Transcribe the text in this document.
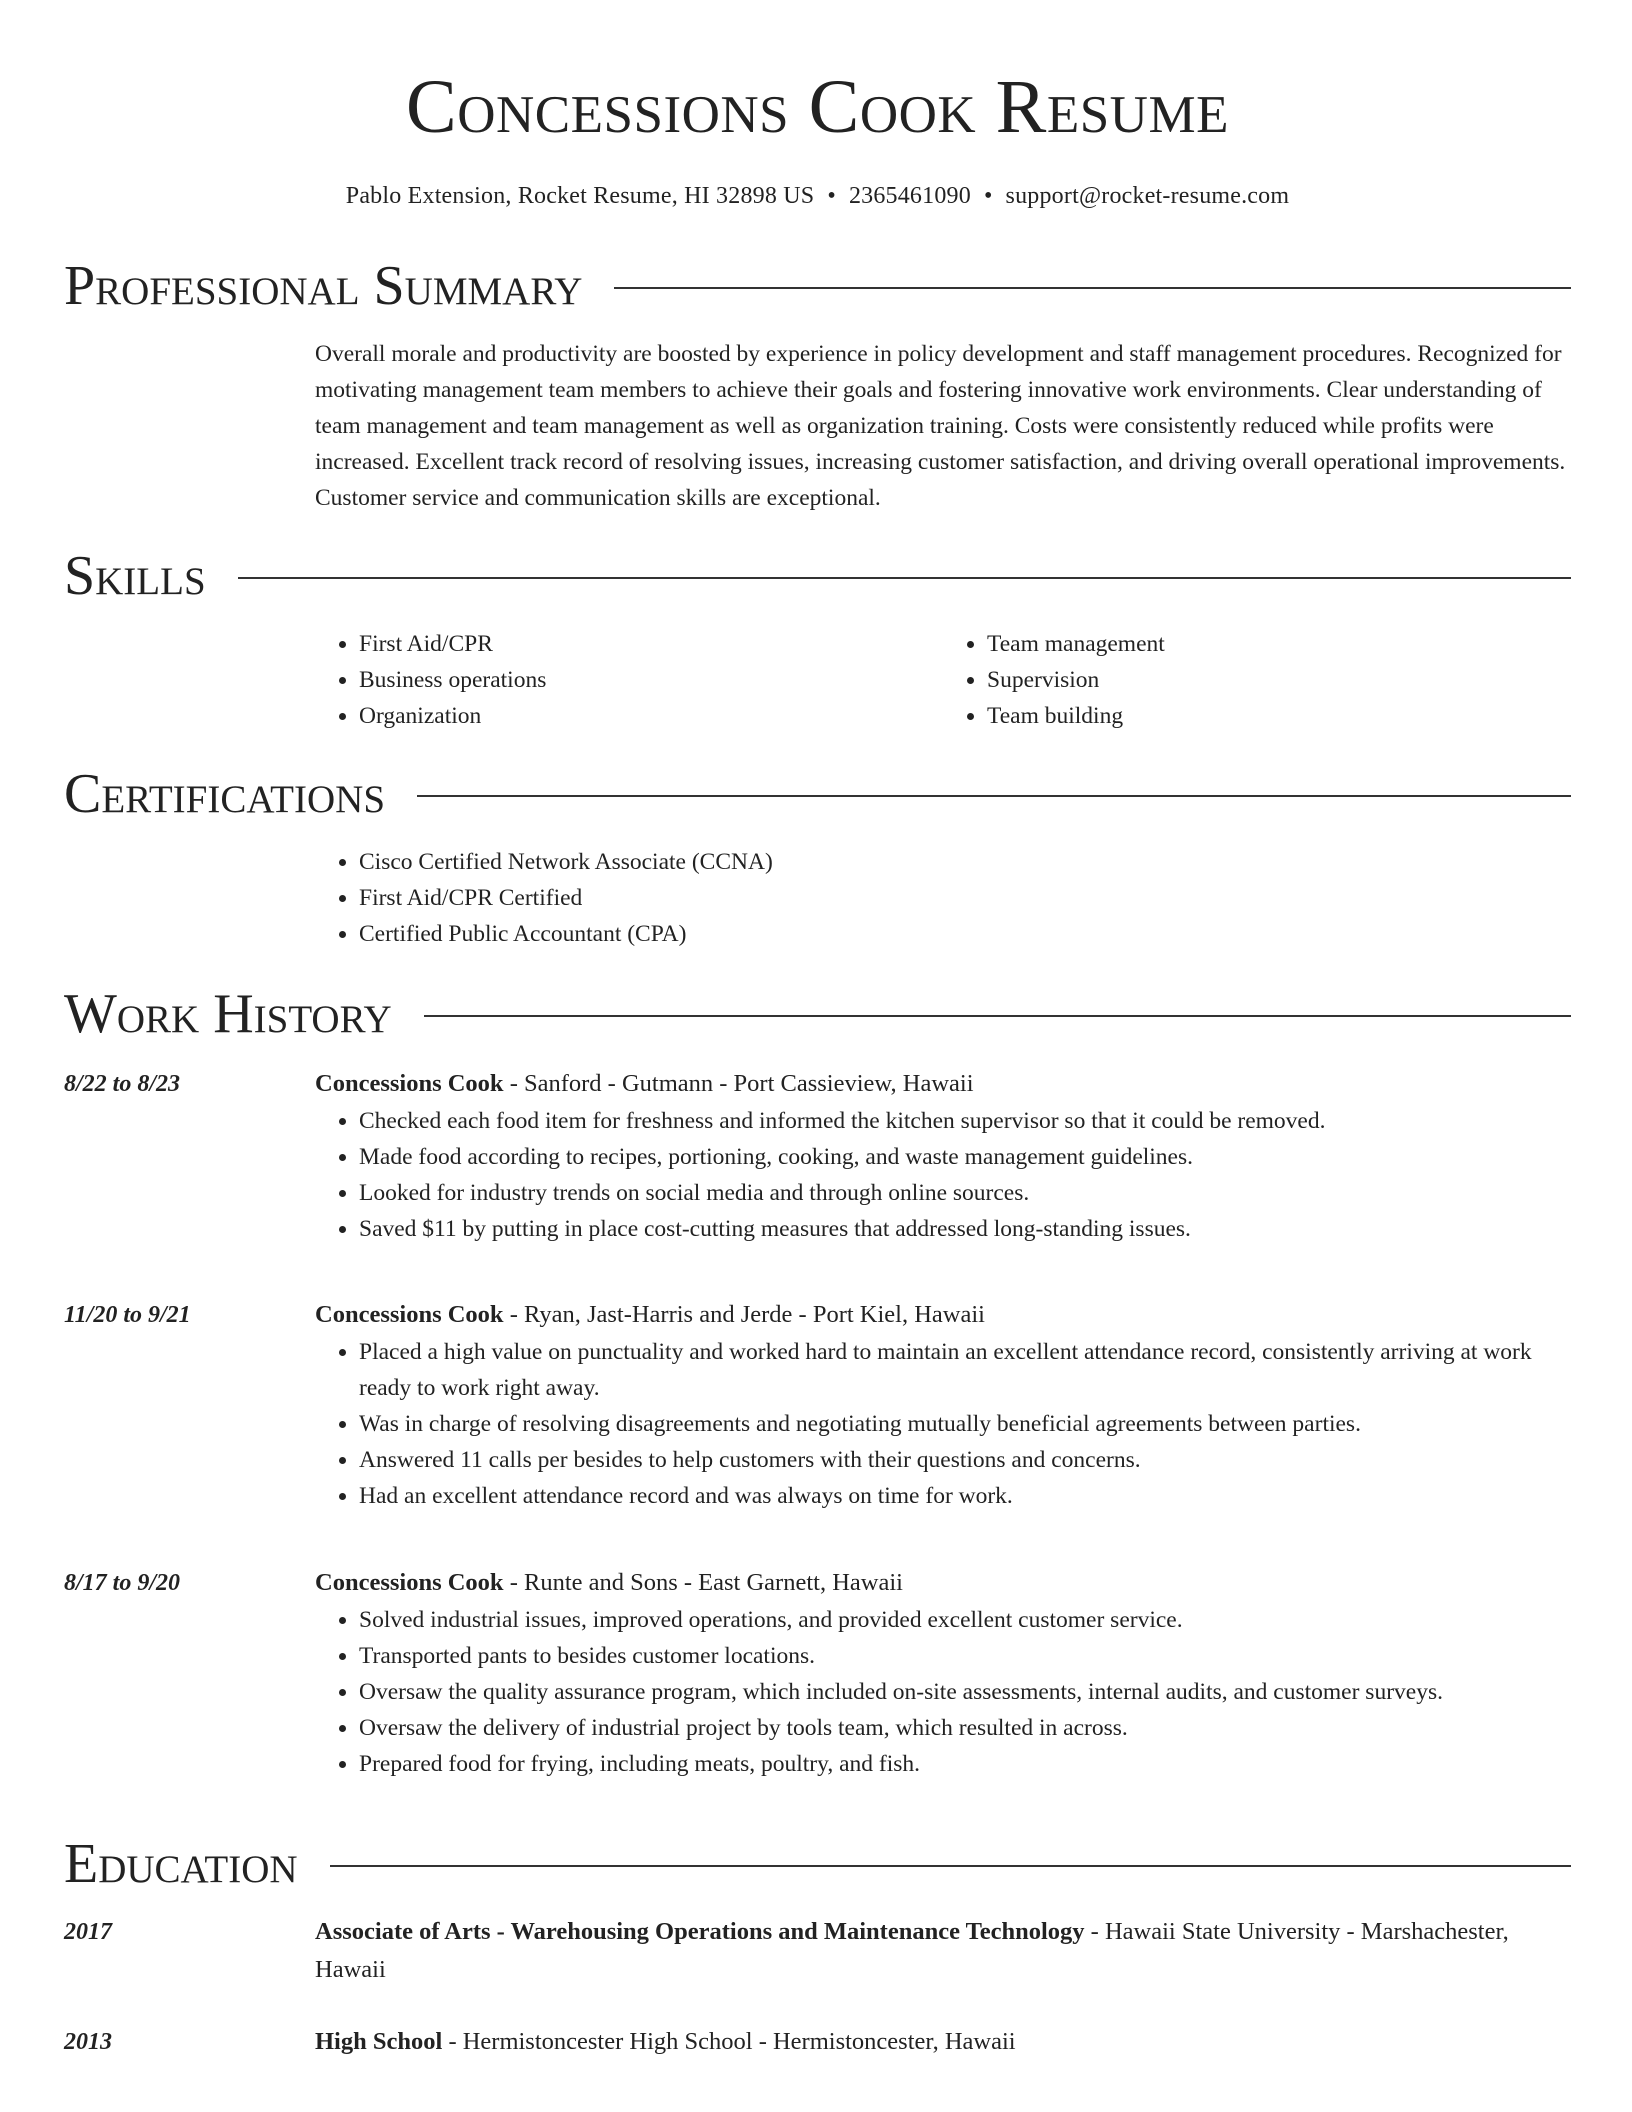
Concessions Cook Resume
Pablo Extension, Rocket Resume, HI 32898 US • 2365461090 • support@rocket-resume.com
Professional Summary

Overall morale and productivity are boosted by experience in policy development and staff management procedures. Recognized for motivating management team members to achieve their goals and fostering innovative work environments. Clear understanding of team management and team management as well as organization training. Costs were consistently reduced while profits were increased. Excellent track record of resolving issues, increasing customer satisfaction, and driving overall operational improvements. Customer service and communication skills are exceptional.

Skills
• First Aid/CPR
• Business operations
• Organization
• Team management
• Supervision
• Team building
Certifications
• Cisco Certified Network Associate (CCNA)
• First Aid/CPR Certified
• Certified Public Accountant (CPA)
Work History
8/22 to 8/23	Concessions Cook - Sanford - Gutmann - Port Cassieview, Hawaii
• Checked each food item for freshness and informed the kitchen supervisor so that it could be removed.
• Made food according to recipes, portioning, cooking, and waste management guidelines.
• Looked for industry trends on social media and through online sources.
• Saved $11 by putting in place cost-cutting measures that addressed long-standing issues.
11/20 to 9/21	Concessions Cook - Ryan, Jast-Harris and Jerde - Port Kiel, Hawaii
• Placed a high value on punctuality and worked hard to maintain an excellent attendance record, consistently arriving at work ready to work right away.
• Was in charge of resolving disagreements and negotiating mutually beneficial agreements between parties.
• Answered 11 calls per besides to help customers with their questions and concerns.
• Had an excellent attendance record and was always on time for work.
8/17 to 9/20	Concessions Cook - Runte and Sons - East Garnett, Hawaii
• Solved industrial issues, improved operations, and provided excellent customer service.
• Transported pants to besides customer locations.
• Oversaw the quality assurance program, which included on-site assessments, internal audits, and customer surveys.
• Oversaw the delivery of industrial project by tools team, which resulted in across.
• Prepared food for frying, including meats, poultry, and fish.
Education
2017	Associate of Arts - Warehousing Operations and Maintenance Technology - Hawaii State University - Marshachester, Hawaii
2013	High School - Hermistoncester High School - Hermistoncester, Hawaii
